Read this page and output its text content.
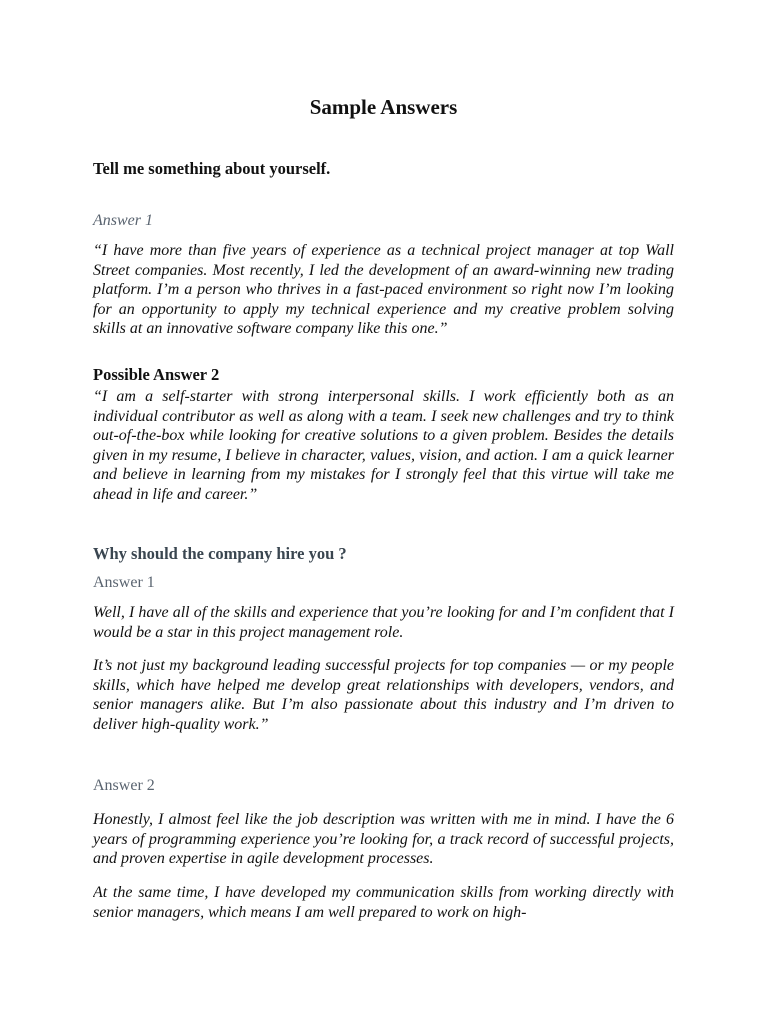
Sample Answers
Tell me something about yourself.

Answer 1

“I have more than five years of experience as a technical project manager at top Wall Street companies. Most recently, I led the development of an award-winning new trading platform. I’m a person who thrives in a fast-paced environment so right now I’m looking for an opportunity to apply my technical experience and my creative problem solving skills at an innovative software company like this one.”

Possible Answer 2

“I am a self-starter with strong interpersonal skills. I work efficiently both as an individual contributor as well as along with a team. I seek new challenges and try to think out-of-the-box while looking for creative solutions to a given problem. Besides the details given in my resume, I believe in character, values, vision, and action. I am a quick learner and believe in learning from my mistakes for I strongly feel that this virtue will take me ahead in life and career.”

Why should the company hire you ?

Answer 1

Well, I have all of the skills and experience that you’re looking for and I’m confident that I would be a star in this project management role.

It’s not just my background leading successful projects for top companies — or my people skills, which have helped me develop great relationships with developers, vendors, and senior managers alike. But I’m also passionate about this industry and I’m driven to deliver high-quality work.”

Answer 2

Honestly, I almost feel like the job description was written with me in mind. I have the 6 years of programming experience you’re looking for, a track record of successful projects, and proven expertise in agile development processes.

At the same time, I have developed my communication skills from working directly with senior managers, which means I am well prepared to work on high-
